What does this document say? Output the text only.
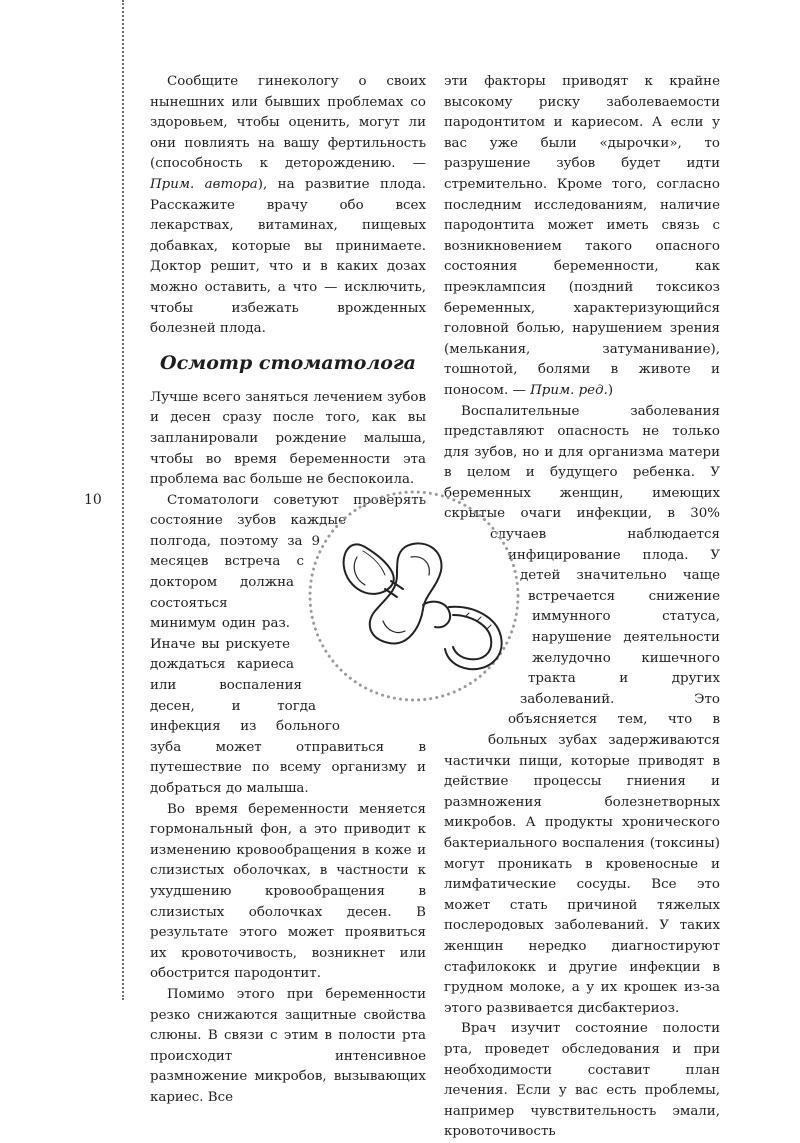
10

Сообщите гинекологу о своих нынешних или бывших проблемах со здоровьем, чтобы оценить, могут ли они повлиять на вашу фертильность (способность к деторождению. — Прим. автора), на развитие плода. Расскажите врачу обо всех лекарствах, витаминах, пищевых добавках, которые вы принимаете. Доктор решит, что и в каких дозах можно оставить, а что — исключить, чтобы избежать врожденных болезней плода.

Осмотр стоматолога

Лучше всего заняться лечением зубов и десен сразу после того, как вы запланировали рождение малыша, чтобы во время беременности эта проблема вас больше не беспокоила.

Стоматологи советуют проверять состояние зубов каждые полгода, поэтому за 9 месяцев встреча с доктором должна состояться минимум один раз. Иначе вы рискуете дождаться кариеса или воспаления десен, и тогда инфекция из больного зуба может отправиться в путешествие по всему организму и добраться до малыша.

Во время беременности меняется гормональный фон, а это приводит к изменению кровообращения в коже и слизистых оболочках, в частности к ухудшению кровообращения в слизистых оболочках десен. В результате этого может проявиться их кровоточивость, возникнет или обострится пародонтит.

Помимо этого при беременности резко снижаются защитные свойства слюны. В связи с этим в полости рта происходит интенсивное размножение микробов, вызывающих кариес. Все

эти факторы приводят к крайне высокому риску заболеваемости пародонтитом и кариесом. А если у вас уже были «дырочки», то разрушение зубов будет идти стремительно. Кроме того, согласно последним исследованиям, наличие пародонтита может иметь связь с возникновением такого опасного состояния беременности, как преэклампсия (поздний токсикоз беременных, характеризующийся головной болью, нарушением зрения (мелькания, затуманивание), тошнотой, болями в животе и поносом. — Прим. ред.)

Воспалительные заболевания представляют опасность не только для зубов, но и для организма матери в целом и будущего ребенка. У беременных женщин, имеющих скрытые очаги инфекции, в 30% случаев наблюдается инфицирование плода. У детей значительно чаще встречается снижение иммунного статуса, нарушение деятельности желудочно кишечного тракта и других заболеваний. Это объясняется тем, что в больных зубах задерживаются частички пищи, которые приводят в действие процессы гниения и размножения болезнетворных микробов. А продукты хронического бактериального воспаления (токсины) могут проникать в кровеносные и лимфатические сосуды. Все это может стать причиной тяжелых послеродовых заболеваний. У таких женщин нередко диагностируют стафилококк и другие инфекции в грудном молоке, а у их крошек из-за этого развивается дисбактериоз.

Врач изучит состояние полости рта, проведет обследования и при необходимости составит план лечения. Если у вас есть проблемы, например чувствительность эмали, кровоточивость
